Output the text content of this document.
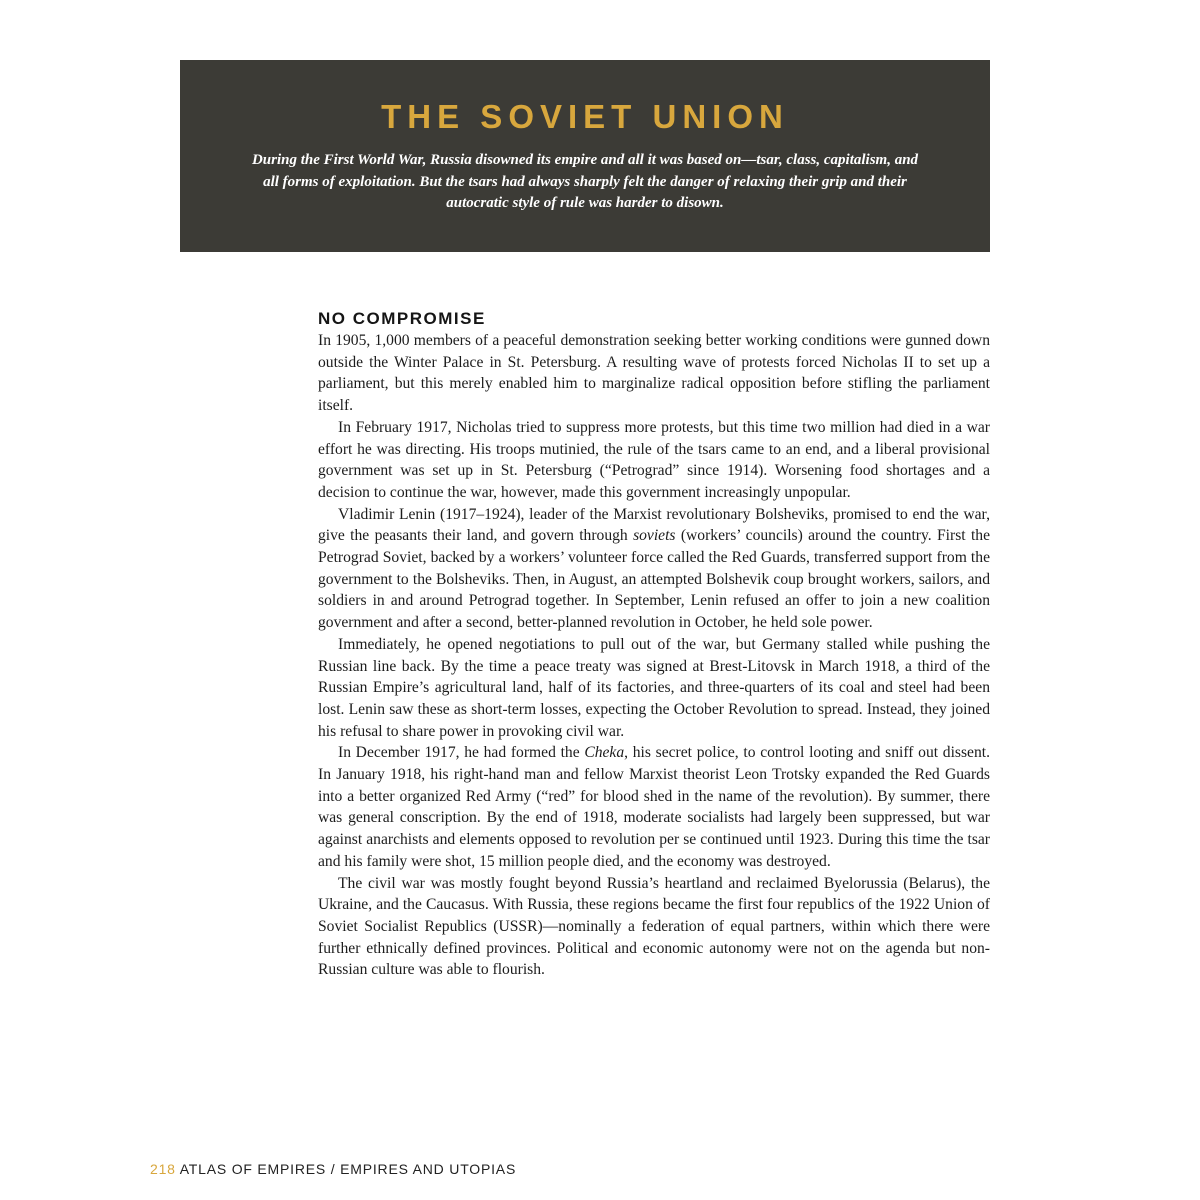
THE SOVIET UNION

During the First World War, Russia disowned its empire and all it was based on—tsar, class, capitalism, and all forms of exploitation. But the tsars had always sharply felt the danger of relaxing their grip and their autocratic style of rule was harder to disown.

NO COMPROMISE

In 1905, 1,000 members of a peaceful demonstration seeking better working conditions were gunned down outside the Winter Palace in St. Petersburg. A resulting wave of protests forced Nicholas II to set up a parliament, but this merely enabled him to marginalize radical opposition before stifling the parliament itself.

In February 1917, Nicholas tried to suppress more protests, but this time two million had died in a war effort he was directing. His troops mutinied, the rule of the tsars came to an end, and a liberal provisional government was set up in St. Petersburg (“Petrograd” since 1914). Worsening food shortages and a decision to continue the war, however, made this government increasingly unpopular.

Vladimir Lenin (1917–1924), leader of the Marxist revolutionary Bolsheviks, promised to end the war, give the peasants their land, and govern through soviets (workers’ councils) around the country. First the Petrograd Soviet, backed by a workers’ volunteer force called the Red Guards, transferred support from the government to the Bolsheviks. Then, in August, an attempted Bolshevik coup brought workers, sailors, and soldiers in and around Petrograd together. In September, Lenin refused an offer to join a new coalition government and after a second, better-planned revolution in October, he held sole power.

Immediately, he opened negotiations to pull out of the war, but Germany stalled while pushing the Russian line back. By the time a peace treaty was signed at Brest-Litovsk in March 1918, a third of the Russian Empire’s agricultural land, half of its factories, and three-quarters of its coal and steel had been lost. Lenin saw these as short-term losses, expecting the October Revolution to spread. Instead, they joined his refusal to share power in provoking civil war.

In December 1917, he had formed the Cheka, his secret police, to control looting and sniff out dissent. In January 1918, his right-hand man and fellow Marxist theorist Leon Trotsky expanded the Red Guards into a better organized Red Army (“red” for blood shed in the name of the revolution). By summer, there was general conscription. By the end of 1918, moderate socialists had largely been suppressed, but war against anarchists and elements opposed to revolution per se continued until 1923. During this time the tsar and his family were shot, 15 million people died, and the economy was destroyed.

The civil war was mostly fought beyond Russia’s heartland and reclaimed Byelorussia (Belarus), the Ukraine, and the Caucasus. With Russia, these regions became the first four republics of the 1922 Union of Soviet Socialist Republics (USSR)—nominally a federation of equal partners, within which there were further ethnically defined provinces. Political and economic autonomy were not on the agenda but non-Russian culture was able to flourish.

218 ATLAS OF EMPIRES / EMPIRES AND UTOPIAS
